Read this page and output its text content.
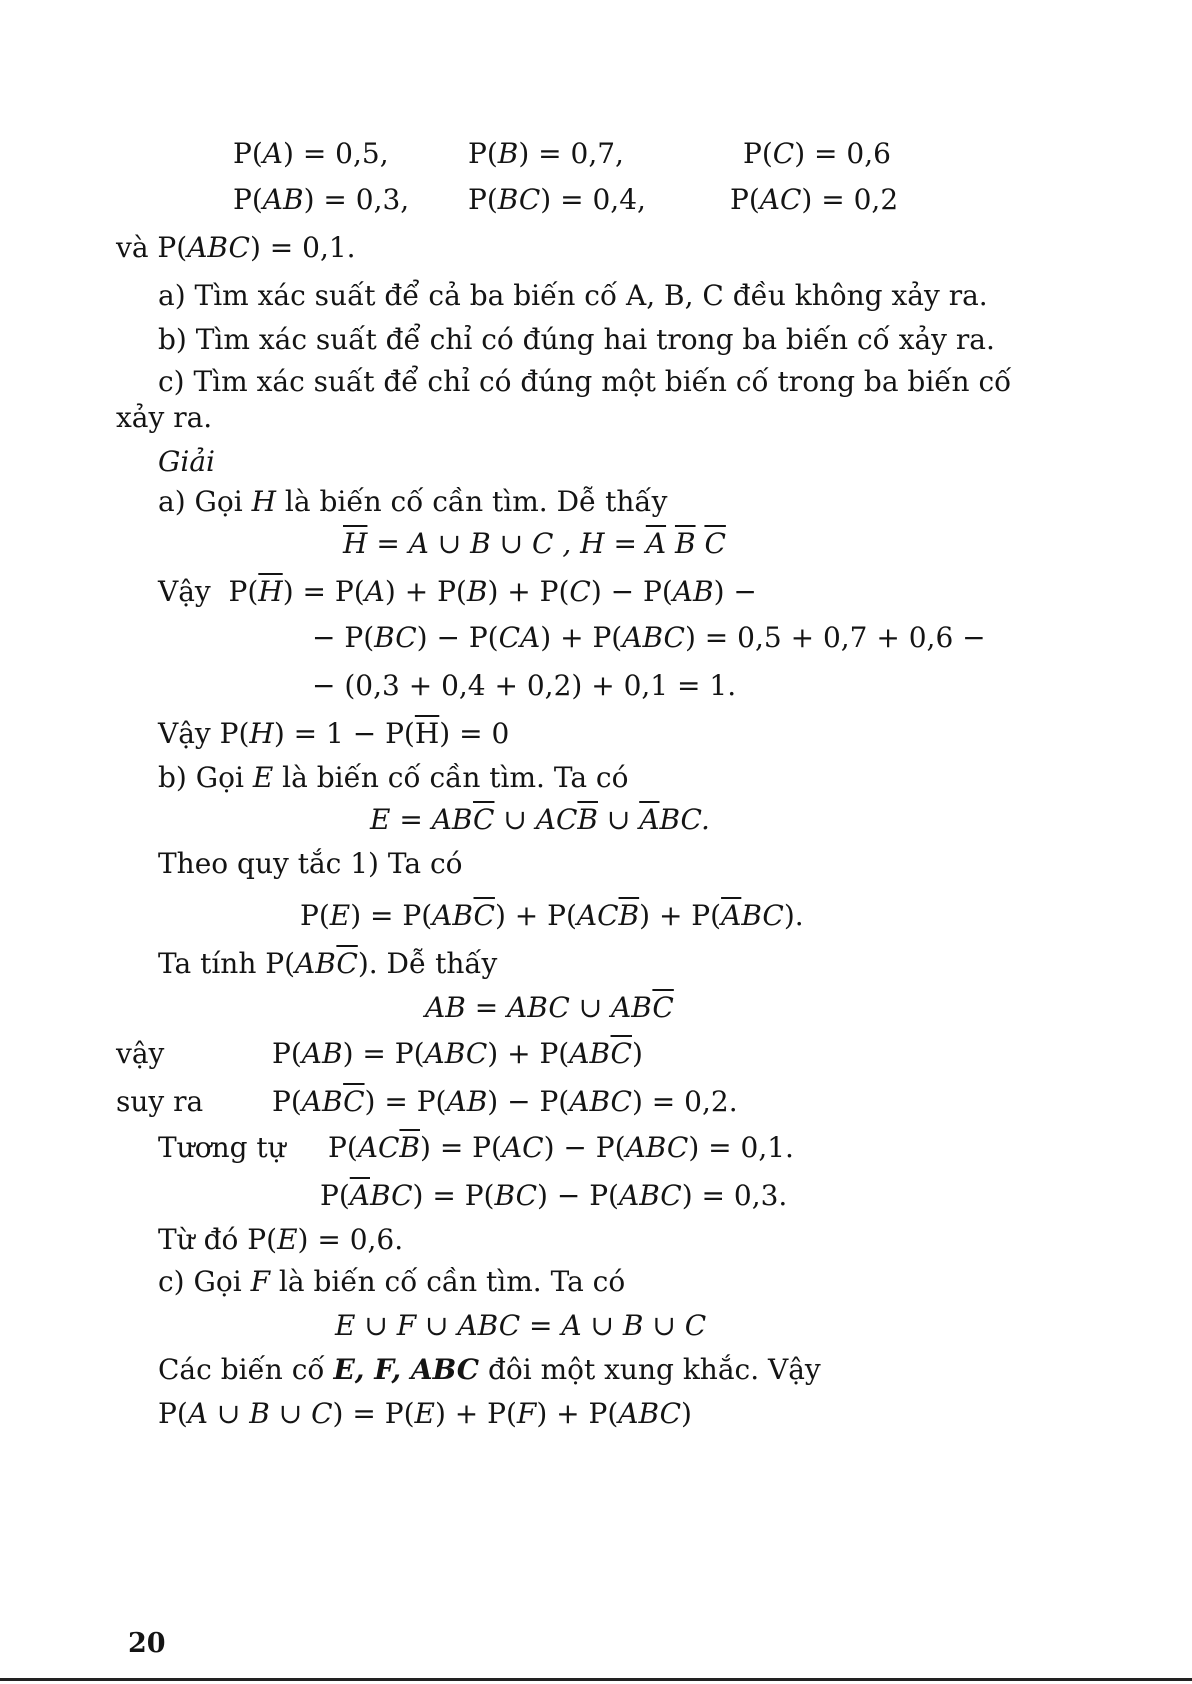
P(A) = 0,5,	P(B) = 0,7,	P(C) = 0,6
P(AB) = 0,3, P(BC) = 0,4,	P(AC) = 0,2
và P(ABC) = 0,1.
a) Tìm xác suất để cả ba biến cố A, B, C đều không xảy ra.
b) Tìm xác suất để chỉ có đúng hai trong ba biến cố xảy ra.
c) Tìm xác suất để chỉ có đúng một biến cố trong ba biến cố
xảy ra.
Giải
a) Gọi H là biến cố cần tìm. Dễ thấy
$\overline{H} = A$ ∪ B ∪ C , $H = \overline{A}$ $\overline{B}$ $\overline{C}$
Vậy  $P(\overline{H}) = P(A) + P(B) + P(C) - P(AB)$ −
− P(BC) − P(CA) + P(ABC) = 0,5 + 0,7 + 0,6 −
− (0,3 + 0,4 + 0,2) + 0,1 = 1.
Vậy $P(H) = 1 - P(\overline{H}) = 0$
b) Gọi E là biến cố cần tìm. Ta có
$E = AB\overline{C}$ ∪ $AC\overline{B}$ ∪ $\overline{A}BC$.
Theo quy tắc 1) Ta có
$P(E) = P(AB\overline{C}) + P(AC\overline{B}) + P(\overline{A}BC)$.
Ta tính $P(AB\overline{C})$. Dễ thấy
AB = ABC ∪ $AB\overline{C}$
vậy	$P(AB) = P(ABC) + P(AB\overline{C})$
suy ra $P(AB\overline{C}) = P(AB) - P(ABC) = 0,2$.
Tương tự $P(AC\overline{B}) = P(AC) - P(ABC) = 0,1$.
$P(\overline{A}BC) = P(BC) - P(ABC) = 0,3$.
Từ đó P(E) = 0,6.
c) Gọi F là biến cố cần tìm. Ta có
E ∪ F ∪ ABC = A ∪ B ∪ C
Các biến cố E, F, ABC đôi một xung khắc. Vậy
P(A ∪ B ∪ C) = P(E) + P(F) + P(ABC)
20
